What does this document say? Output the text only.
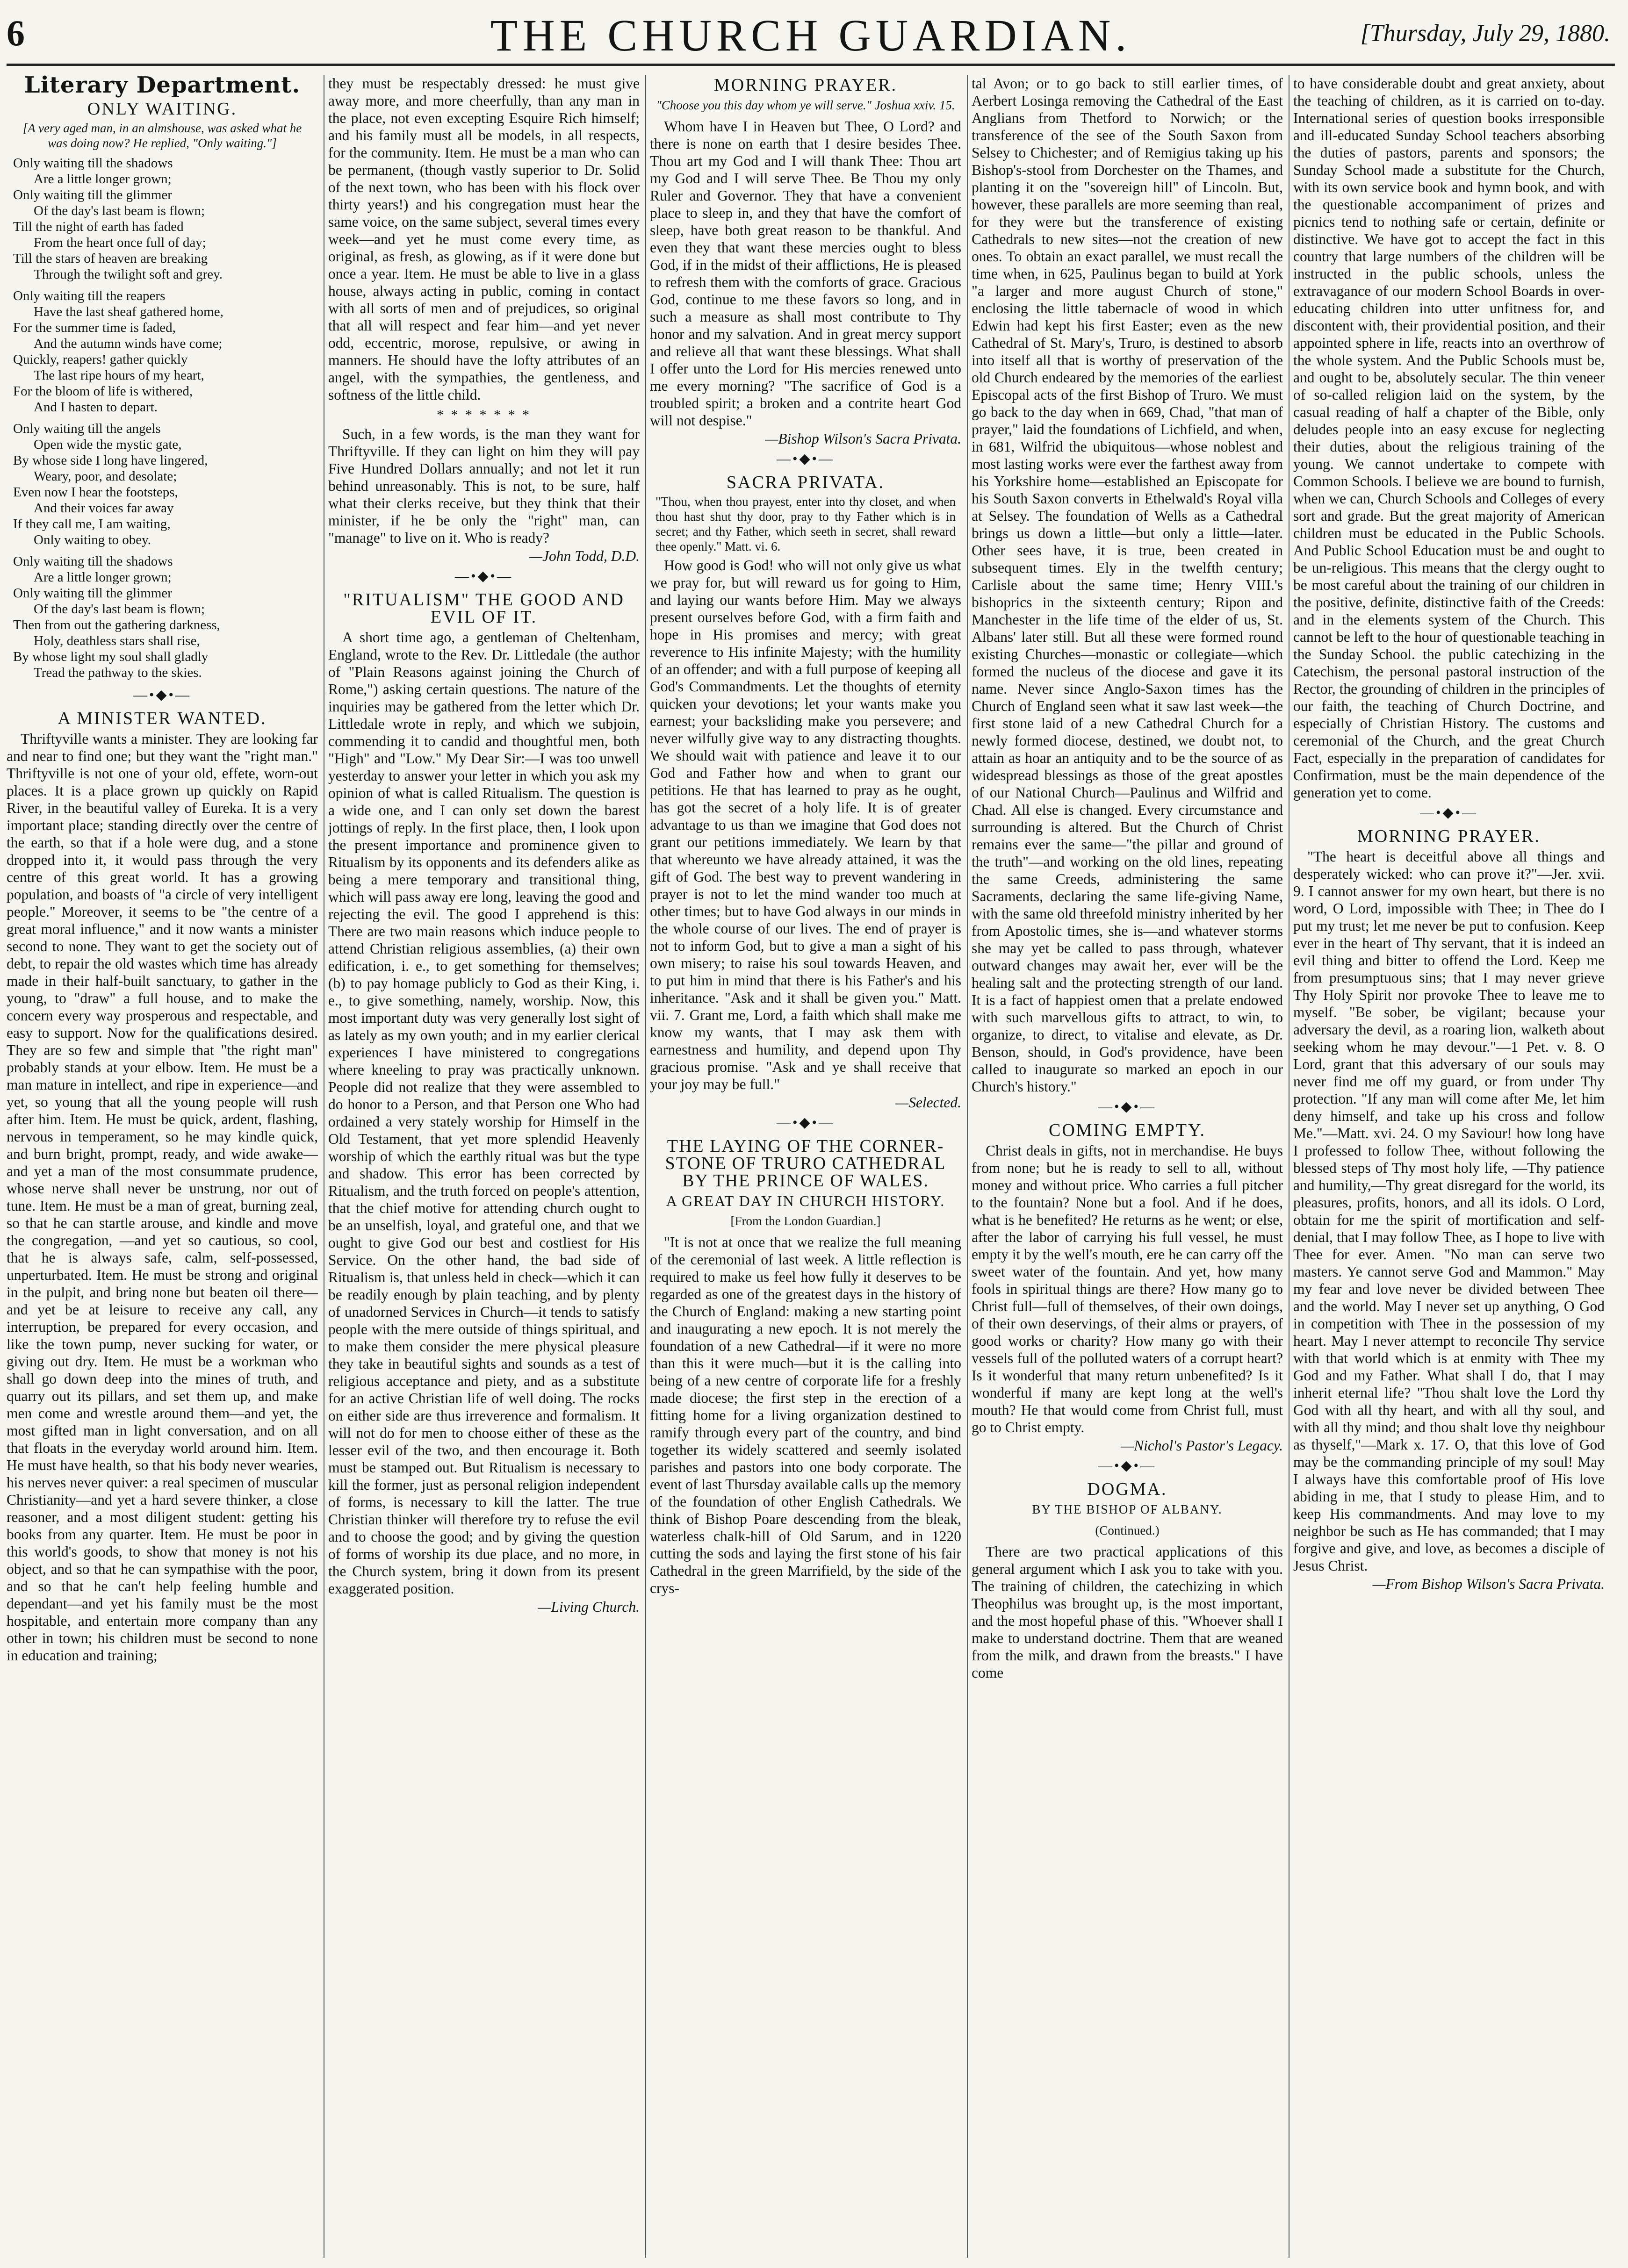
6	THE CHURCH GUARDIAN.	[Thursday, July 29, 1880.
Literary Department.
ONLY WAITING.
[A very aged man, in an almshouse, was asked what he was doing now? He replied, "Only waiting."]
Only waiting till the shadows
Are a little longer grown;
Only waiting till the glimmer
Of the day's last beam is flown;
Till the night of earth has faded
From the heart once full of day;
Till the stars of heaven are breaking
Through the twilight soft and grey.
Only waiting till the reapers
Have the last sheaf gathered home,
For the summer time is faded,
And the autumn winds have come;
Quickly, reapers! gather quickly
The last ripe hours of my heart,
For the bloom of life is withered,
And I hasten to depart.
Only waiting till the angels
Open wide the mystic gate,
By whose side I long have lingered,
Weary, poor, and desolate;
Even now I hear the footsteps,
And their voices far away
If they call me, I am waiting,
Only waiting to obey.
Only waiting till the shadows
Are a little longer grown;
Only waiting till the glimmer
Of the day's last beam is flown;
Then from out the gathering darkness,
Holy, deathless stars shall rise,
By whose light my soul shall gladly
Tread the pathway to the skies.
—•◆•—
A MINISTER WANTED.

Thriftyville wants a minister. They are looking far and near to find one; but they want the "right man." Thriftyville is not one of your old, effete, worn-out places. It is a place grown up quickly on Rapid River, in the beautiful valley of Eureka. It is a very important place; standing directly over the centre of the earth, so that if a hole were dug, and a stone dropped into it, it would pass through the very centre of this great world. It has a growing population, and boasts of "a circle of very intelligent people." Moreover, it seems to be "the centre of a great moral influence," and it now wants a minister second to none. They want to get the society out of debt, to repair the old wastes which time has already made in their half-built sanctuary, to gather in the young, to "draw" a full house, and to make the concern every way prosperous and respectable, and easy to support. Now for the qualifications desired. They are so few and simple that "the right man" probably stands at your elbow. Item. He must be a man mature in intellect, and ripe in experience—and yet, so young that all the young people will rush after him. Item. He must be quick, ardent, flashing, nervous in temperament, so he may kindle quick, and burn bright, prompt, ready, and wide awake—and yet a man of the most consummate prudence, whose nerve shall never be unstrung, nor out of tune. Item. He must be a man of great, burning zeal, so that he can startle arouse, and kindle and move the congregation, —and yet so cautious, so cool, that he is always safe, calm, self-possessed, unperturbated. Item. He must be strong and original in the pulpit, and bring none but beaten oil there—and yet be at leisure to receive any call, any interruption, be prepared for every occasion, and like the town pump, never sucking for water, or giving out dry. Item. He must be a workman who shall go down deep into the mines of truth, and quarry out its pillars, and set them up, and make men come and wrestle around them—and yet, the most gifted man in light conversation, and on all that floats in the everyday world around him. Item. He must have health, so that his body never wearies, his nerves never quiver: a real specimen of muscular Christianity—and yet a hard severe thinker, a close reasoner, and a most diligent student: getting his books from any quarter. Item. He must be poor in this world's goods, to show that money is not his object, and so that he can sympathise with the poor, and so that he can't help feeling humble and dependant—and yet his family must be the most hospitable, and entertain more company than any other in town; his children must be second to none in education and training;

they must be respectably dressed: he must give away more, and more cheerfully, than any man in the place, not even excepting Esquire Rich himself; and his family must all be models, in all respects, for the community. Item. He must be a man who can be permanent, (though vastly superior to Dr. Solid of the next town, who has been with his flock over thirty years!) and his congregation must hear the same voice, on the same subject, several times every week—and yet he must come every time, as original, as fresh, as glowing, as if it were done but once a year. Item. He must be able to live in a glass house, always acting in public, coming in contact with all sorts of men and of prejudices, so original that all will respect and fear him—and yet never odd, eccentric, morose, repulsive, or awing in manners. He should have the lofty attributes of an angel, with the sympathies, the gentleness, and softness of the little child.

* * * * * * *

Such, in a few words, is the man they want for Thriftyville. If they can light on him they will pay Five Hundred Dollars annually; and not let it run behind unreasonably. This is not, to be sure, half what their clerks receive, but they think that their minister, if he be only the "right" man, can "manage" to live on it. Who is ready?

—John Todd, D.D.
—•◆•—
"RITUALISM" THE GOOD AND EVIL OF IT.

A short time ago, a gentleman of Cheltenham, England, wrote to the Rev. Dr. Littledale (the author of "Plain Reasons against joining the Church of Rome,") asking certain questions. The nature of the inquiries may be gathered from the letter which Dr. Littledale wrote in reply, and which we subjoin, commending it to candid and thoughtful men, both "High" and "Low." My Dear Sir:—I was too unwell yesterday to answer your letter in which you ask my opinion of what is called Ritualism. The question is a wide one, and I can only set down the barest jottings of reply. In the first place, then, I look upon the present importance and prominence given to Ritualism by its opponents and its defenders alike as being a mere temporary and transitional thing, which will pass away ere long, leaving the good and rejecting the evil. The good I apprehend is this: There are two main reasons which induce people to attend Christian religious assemblies, (a) their own edification, i. e., to get something for themselves; (b) to pay homage publicly to God as their King, i. e., to give something, namely, worship. Now, this most important duty was very generally lost sight of as lately as my own youth; and in my earlier clerical experiences I have ministered to congregations where kneeling to pray was practically unknown. People did not realize that they were assembled to do honor to a Person, and that Person one Who had ordained a very stately worship for Himself in the Old Testament, that yet more splendid Heavenly worship of which the earthly ritual was but the type and shadow. This error has been corrected by Ritualism, and the truth forced on people's attention, that the chief motive for attending church ought to be an unselfish, loyal, and grateful one, and that we ought to give God our best and costliest for His Service. On the other hand, the bad side of Ritualism is, that unless held in check—which it can be readily enough by plain teaching, and by plenty of unadorned Services in Church—it tends to satisfy people with the mere outside of things spiritual, and to make them consider the mere physical pleasure they take in beautiful sights and sounds as a test of religious acceptance and piety, and as a substitute for an active Christian life of well doing. The rocks on either side are thus irreverence and formalism. It will not do for men to choose either of these as the lesser evil of the two, and then encourage it. Both must be stamped out. But Ritualism is necessary to kill the former, just as personal religion independent of forms, is necessary to kill the latter. The true Christian thinker will therefore try to refuse the evil and to choose the good; and by giving the question of forms of worship its due place, and no more, in the Church system, bring it down from its present exaggerated position.

—Living Church.
MORNING PRAYER.
"Choose you this day whom ye will serve." Joshua xxiv. 15.

Whom have I in Heaven but Thee, O Lord? and there is none on earth that I desire besides Thee. Thou art my God and I will thank Thee: Thou art my God and I will serve Thee. Be Thou my only Ruler and Governor. They that have a convenient place to sleep in, and they that have the comfort of sleep, have both great reason to be thankful. And even they that want these mercies ought to bless God, if in the midst of their afflictions, He is pleased to refresh them with the comforts of grace. Gracious God, continue to me these favors so long, and in such a measure as shall most contribute to Thy honor and my salvation. And in great mercy support and relieve all that want these blessings. What shall I offer unto the Lord for His mercies renewed unto me every morning? "The sacrifice of God is a troubled spirit; a broken and a contrite heart God will not despise."

—Bishop Wilson's Sacra Privata.
—•◆•—
SACRA PRIVATA.
"Thou, when thou prayest, enter into thy closet, and when thou hast shut thy door, pray to thy Father which is in secret; and thy Father, which seeth in secret, shall reward thee openly." Matt. vi. 6.

How good is God! who will not only give us what we pray for, but will reward us for going to Him, and laying our wants before Him. May we always present ourselves before God, with a firm faith and hope in His promises and mercy; with great reverence to His infinite Majesty; with the humility of an offender; and with a full purpose of keeping all God's Commandments. Let the thoughts of eternity quicken your devotions; let your wants make you earnest; your backsliding make you persevere; and never wilfully give way to any distracting thoughts. We should wait with patience and leave it to our God and Father how and when to grant our petitions. He that has learned to pray as he ought, has got the secret of a holy life. It is of greater advantage to us than we imagine that God does not grant our petitions immediately. We learn by that that whereunto we have already attained, it was the gift of God. The best way to prevent wandering in prayer is not to let the mind wander too much at other times; but to have God always in our minds in the whole course of our lives. The end of prayer is not to inform God, but to give a man a sight of his own misery; to raise his soul towards Heaven, and to put him in mind that there is his Father's and his inheritance. "Ask and it shall be given you." Matt. vii. 7. Grant me, Lord, a faith which shall make me know my wants, that I may ask them with earnestness and humility, and depend upon Thy gracious promise. "Ask and ye shall receive that your joy may be full."

—Selected.
—•◆•—
THE LAYING OF THE CORNER-STONE OF TRURO CATHEDRAL BY THE PRINCE OF WALES.
A GREAT DAY IN CHURCH HISTORY.
[From the London Guardian.]

"It is not at once that we realize the full meaning of the ceremonial of last week. A little reflection is required to make us feel how fully it deserves to be regarded as one of the greatest days in the history of the Church of England: making a new starting point and inaugurating a new epoch. It is not merely the foundation of a new Cathedral—if it were no more than this it were much—but it is the calling into being of a new centre of corporate life for a freshly made diocese; the first step in the erection of a fitting home for a living organization destined to ramify through every part of the country, and bind together its widely scattered and seemly isolated parishes and pastors into one body corporate. The event of last Thursday available calls up the memory of the foundation of other English Cathedrals. We think of Bishop Poare descending from the bleak, waterless chalk-hill of Old Sarum, and in 1220 cutting the sods and laying the first stone of his fair Cathedral in the green Marrifield, by the side of the crys-

tal Avon; or to go back to still earlier times, of Aerbert Losinga removing the Cathedral of the East Anglians from Thetford to Norwich; or the transference of the see of the South Saxon from Selsey to Chichester; and of Remigius taking up his Bishop's-stool from Dorchester on the Thames, and planting it on the "sovereign hill" of Lincoln. But, however, these parallels are more seeming than real, for they were but the transference of existing Cathedrals to new sites—not the creation of new ones. To obtain an exact parallel, we must recall the time when, in 625, Paulinus began to build at York "a larger and more august Church of stone," enclosing the little tabernacle of wood in which Edwin had kept his first Easter; even as the new Cathedral of St. Mary's, Truro, is destined to absorb into itself all that is worthy of preservation of the old Church endeared by the memories of the earliest Episcopal acts of the first Bishop of Truro. We must go back to the day when in 669, Chad, "that man of prayer," laid the foundations of Lichfield, and when, in 681, Wilfrid the ubiquitous—whose noblest and most lasting works were ever the farthest away from his Yorkshire home—established an Episcopate for his South Saxon converts in Ethelwald's Royal villa at Selsey. The foundation of Wells as a Cathedral brings us down a little—but only a little—later. Other sees have, it is true, been created in subsequent times. Ely in the twelfth century; Carlisle about the same time; Henry VIII.'s bishoprics in the sixteenth century; Ripon and Manchester in the life time of the elder of us, St. Albans' later still. But all these were formed round existing Churches—monastic or collegiate—which formed the nucleus of the diocese and gave it its name. Never since Anglo-Saxon times has the Church of England seen what it saw last week—the first stone laid of a new Cathedral Church for a newly formed diocese, destined, we doubt not, to attain as hoar an antiquity and to be the source of as widespread blessings as those of the great apostles of our National Church—Paulinus and Wilfrid and Chad. All else is changed. Every circumstance and surrounding is altered. But the Church of Christ remains ever the same—"the pillar and ground of the truth"—and working on the old lines, repeating the same Creeds, administering the same Sacraments, declaring the same life-giving Name, with the same old threefold ministry inherited by her from Apostolic times, she is—and whatever storms she may yet be called to pass through, whatever outward changes may await her, ever will be the healing salt and the protecting strength of our land. It is a fact of happiest omen that a prelate endowed with such marvellous gifts to attract, to win, to organize, to direct, to vitalise and elevate, as Dr. Benson, should, in God's providence, have been called to inaugurate so marked an epoch in our Church's history."

—•◆•—
COMING EMPTY.

Christ deals in gifts, not in merchandise. He buys from none; but he is ready to sell to all, without money and without price. Who carries a full pitcher to the fountain? None but a fool. And if he does, what is he benefited? He returns as he went; or else, after the labor of carrying his full vessel, he must empty it by the well's mouth, ere he can carry off the sweet water of the fountain. And yet, how many fools in spiritual things are there? How many go to Christ full—full of themselves, of their own doings, of their own deservings, of their alms or prayers, of good works or charity? How many go with their vessels full of the polluted waters of a corrupt heart? Is it wonderful that many return unbenefited? Is it wonderful if many are kept long at the well's mouth? He that would come from Christ full, must go to Christ empty.

—Nichol's Pastor's Legacy.
—•◆•—
DOGMA.
BY THE BISHOP OF ALBANY.
(Continued.)

There are two practical applications of this general argument which I ask you to take with you. The training of children, the catechizing in which Theophilus was brought up, is the most important, and the most hopeful phase of this. "Whoever shall I make to understand doctrine. Them that are weaned from the milk, and drawn from the breasts." I have come

to have considerable doubt and great anxiety, about the teaching of children, as it is carried on to-day. International series of question books irresponsible and ill-educated Sunday School teachers absorbing the duties of pastors, parents and sponsors; the Sunday School made a substitute for the Church, with its own service book and hymn book, and with the questionable accompaniment of prizes and picnics tend to nothing safe or certain, definite or distinctive. We have got to accept the fact in this country that large numbers of the children will be instructed in the public schools, unless the extravagance of our modern School Boards in over-educating children into utter unfitness for, and discontent with, their providential position, and their appointed sphere in life, reacts into an overthrow of the whole system. And the Public Schools must be, and ought to be, absolutely secular. The thin veneer of so-called religion laid on the system, by the casual reading of half a chapter of the Bible, only deludes people into an easy excuse for neglecting their duties, about the religious training of the young. We cannot undertake to compete with Common Schools. I believe we are bound to furnish, when we can, Church Schools and Colleges of every sort and grade. But the great majority of American children must be educated in the Public Schools. And Public School Education must be and ought to be un-religious. This means that the clergy ought to be most careful about the training of our children in the positive, definite, distinctive faith of the Creeds: and in the elements system of the Church. This cannot be left to the hour of questionable teaching in the Sunday School. the public catechizing in the Catechism, the personal pastoral instruction of the Rector, the grounding of children in the principles of our faith, the teaching of Church Doctrine, and especially of Christian History. The customs and ceremonial of the Church, and the great Church Fact, especially in the preparation of candidates for Confirmation, must be the main dependence of the generation yet to come.

—•◆•—
MORNING PRAYER.

"The heart is deceitful above all things and desperately wicked: who can prove it?"—Jer. xvii. 9. I cannot answer for my own heart, but there is no word, O Lord, impossible with Thee; in Thee do I put my trust; let me never be put to confusion. Keep ever in the heart of Thy servant, that it is indeed an evil thing and bitter to offend the Lord. Keep me from presumptuous sins; that I may never grieve Thy Holy Spirit nor provoke Thee to leave me to myself. "Be sober, be vigilant; because your adversary the devil, as a roaring lion, walketh about seeking whom he may devour."—1 Pet. v. 8. O Lord, grant that this adversary of our souls may never find me off my guard, or from under Thy protection. "If any man will come after Me, let him deny himself, and take up his cross and follow Me."—Matt. xvi. 24. O my Saviour! how long have I professed to follow Thee, without following the blessed steps of Thy most holy life, —Thy patience and humility,—Thy great disregard for the world, its pleasures, profits, honors, and all its idols. O Lord, obtain for me the spirit of mortification and self-denial, that I may follow Thee, as I hope to live with Thee for ever. Amen. "No man can serve two masters. Ye cannot serve God and Mammon." May my fear and love never be divided between Thee and the world. May I never set up anything, O God in competition with Thee in the possession of my heart. May I never attempt to reconcile Thy service with that world which is at enmity with Thee my God and my Father. What shall I do, that I may inherit eternal life? "Thou shalt love the Lord thy God with all thy heart, and with all thy soul, and with all thy mind; and thou shalt love thy neighbour as thyself,"—Mark x. 17. O, that this love of God may be the commanding principle of my soul! May I always have this comfortable proof of His love abiding in me, that I study to please Him, and to keep His commandments. And may love to my neighbor be such as He has commanded; that I may forgive and give, and love, as becomes a disciple of Jesus Christ.

—From Bishop Wilson's Sacra Privata.
